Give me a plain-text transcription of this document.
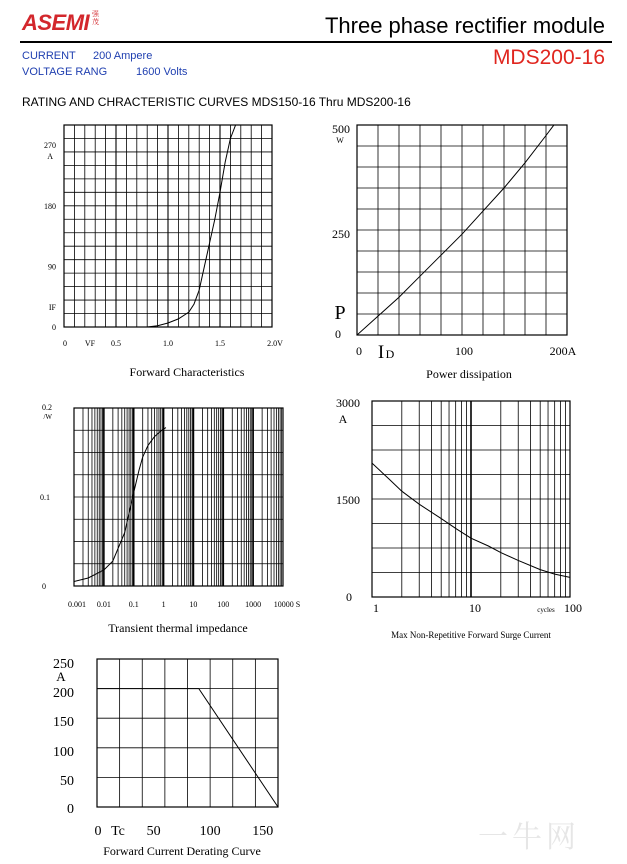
ASEMI 强茂	Three phase rectifier module
CURRENT 200 Ampere
VOLTAGE RANG	1600 Volts
MDS200-16
RATING AND CHRACTERISTIC CURVES MDS150-16 Thru MDS200-16
0
IF
90
180
270
A
0 VF 0.5	1.0	1.5	2.0V
Forward Characteristics
500
W
250
P
0
0 I D	100	200A
Power dissipation
0
0.1
0.2
/W
0.001 0.01 0.1	1	10 100 1000 10000 S
Transient thermal impedance
3000
A
1500
0
1	10	cycles 100
Max Non-Repetitive Forward Surge Current
0
50
100
150
200
250
A
0 Tc 50	100 150
Forward Current Derating Curve	一牛网
